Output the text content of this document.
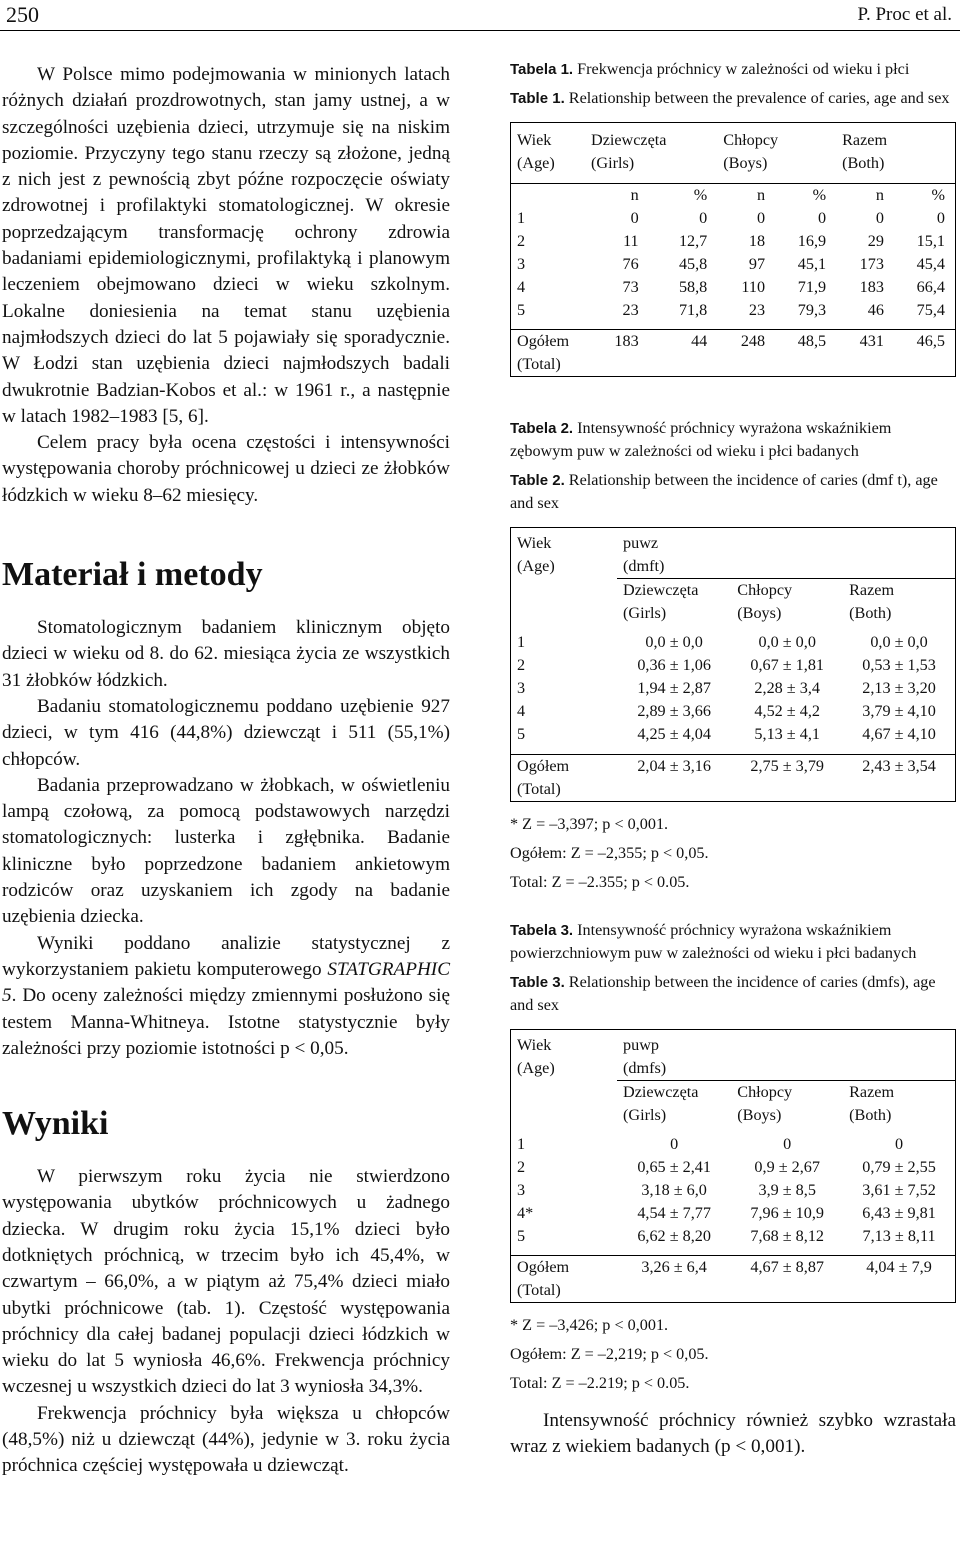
250	P. Proc et al.

W Polsce mimo podejmowania w minionych latach różnych działań prozdrowotnych, stan jamy ustnej, a w szczególności uzębienia dzieci, utrzymuje się na niskim poziomie. Przyczyny tego stanu rzeczy są złożone, jedną z nich jest z pewnością zbyt późne rozpoczęcie oświaty zdrowotnej i profilaktyki stomatologicznej. W okresie poprzedzającym transformację ochrony zdrowia badaniami epidemiologicznymi, profilaktyką i planowym leczeniem obejmowano dzieci w wieku szkolnym. Lokalne doniesienia na temat stanu uzębienia najmłodszych dzieci do lat 5 pojawiały się sporadycznie. W Łodzi stan uzębienia dzieci najmłodszych badali dwukrotnie Badzian-Kobos et al.: w 1961 r., a następnie w latach 1982–1983 [5, 6].

Celem pracy była ocena częstości i intensywności występowania choroby próchnicowej u dzieci ze żłobków łódzkich w wieku 8–62 miesięcy.

Materiał i metody

Stomatologicznym badaniem klinicznym objęto dzieci w wieku od 8. do 62. miesiąca życia ze wszystkich 31 żłobków łódzkich.

Badaniu stomatologicznemu poddano uzębienie 927 dzieci, w tym 416 (44,8%) dziewcząt i 511 (55,1%) chłopców.

Badania przeprowadzano w żłobkach, w oświetleniu lampą czołową, za pomocą podstawowych narzędzi stomatologicznych: lusterka i zgłębnika. Badanie kliniczne było poprzedzone badaniem ankietowym rodziców oraz uzyskaniem ich zgody na badanie uzębienia dziecka.

Wyniki poddano analizie statystycznej z wykorzystaniem pakietu komputerowego STATGRAPHIC 5. Do oceny zależności między zmiennymi posłużono się testem Manna-Whitneya. Istotne statystycznie były zależności przy poziomie istotności p < 0,05.

Wyniki

W pierwszym roku życia nie stwierdzono występowania ubytków próchnicowych u żadnego dziecka. W drugim roku życia 15,1% dzieci było dotkniętych próchnicą, w trzecim było ich 45,4%, w czwartym – 66,0%, a w piątym aż 75,4% dzieci miało ubytki próchnicowe (tab. 1). Częstość występowania próchnicy dla całej badanej populacji dzieci łódzkich w wieku do lat 5 wyniosła 46,6%. Frekwencja próchnicy wczesnej u wszystkich dzieci do lat 3 wyniosła 34,3%.

Frekwencja próchnicy była większa u chłopców (48,5%) niż u dziewcząt (44%), jedynie w 3. roku życia próchnica częściej występowała u dziewcząt.

Tabela 1. Frekwencja próchnicy w zależności od wieku i płci

Table 1. Relationship between the prevalence of caries, age and sex

Wiek
(Age)	Dziewczęta
(Girls)		Chłopcy
(Boys)		Razem
(Both)	

	n	%	n	%	n	%
1	0	0	0	0	0	0
2	11	12,7	18	16,9	29	15,1
3	76	45,8	97	45,1	173	45,4
4	73	58,8	110	71,9	183	66,4
5	23	71,8	23	79,3	46	75,4

Ogółem
(Total)	183	44	248	48,5	431	46,5

Tabela 2. Intensywność próchnicy wyrażona wskaźnikiem zębowym puw w zależności od wieku i płci badanych

Table 2. Relationship between the incidence of caries (dmf t), age and sex

Wiek
(Age)	puwz
(dmft)		
	Dziewczęta
(Girls)	Chłopcy
(Boys)	Razem
(Both)

1	0,0 ± 0,0	0,0 ± 0,0	0,0 ± 0,0
2	0,36 ± 1,06	0,67 ± 1,81	0,53 ± 1,53
3	1,94 ± 2,87	2,28 ± 3,4	2,13 ± 3,20
4	2,89 ± 3,66	4,52 ± 4,2	3,79 ± 4,10
5	4,25 ± 4,04	5,13 ± 4,1	4,67 ± 4,10

Ogółem
(Total)	2,04 ± 3,16	2,75 ± 3,79	2,43 ± 3,54
* Z = –3,397; p < 0,001.
Ogółem: Z = –2,355; p < 0,05.
Total: Z = –2.355; p < 0.05.

Tabela 3. Intensywność próchnicy wyrażona wskaźnikiem powierzchniowym puw w zależności od wieku i płci badanych

Table 3. Relationship between the incidence of caries (dmfs), age and sex

Wiek
(Age)	puwp
(dmfs)		
	Dziewczęta
(Girls)	Chłopcy
(Boys)	Razem
(Both)

1	0	0	0
2	0,65 ± 2,41	0,9 ± 2,67	0,79 ± 2,55
3	3,18 ± 6,0	3,9 ± 8,5	3,61 ± 7,52
4*	4,54 ± 7,77	7,96 ± 10,9	6,43 ± 9,81
5	6,62 ± 8,20	7,68 ± 8,12	7,13 ± 8,11

Ogółem
(Total)	3,26 ± 6,4	4,67 ± 8,87	4,04 ± 7,9
* Z = –3,426; p < 0,001.
Ogółem: Z = –2,219; p < 0,05.
Total: Z = –2.219; p < 0.05.

Intensywność próchnicy również szybko wzrastała wraz z wiekiem badanych (p < 0,001).
